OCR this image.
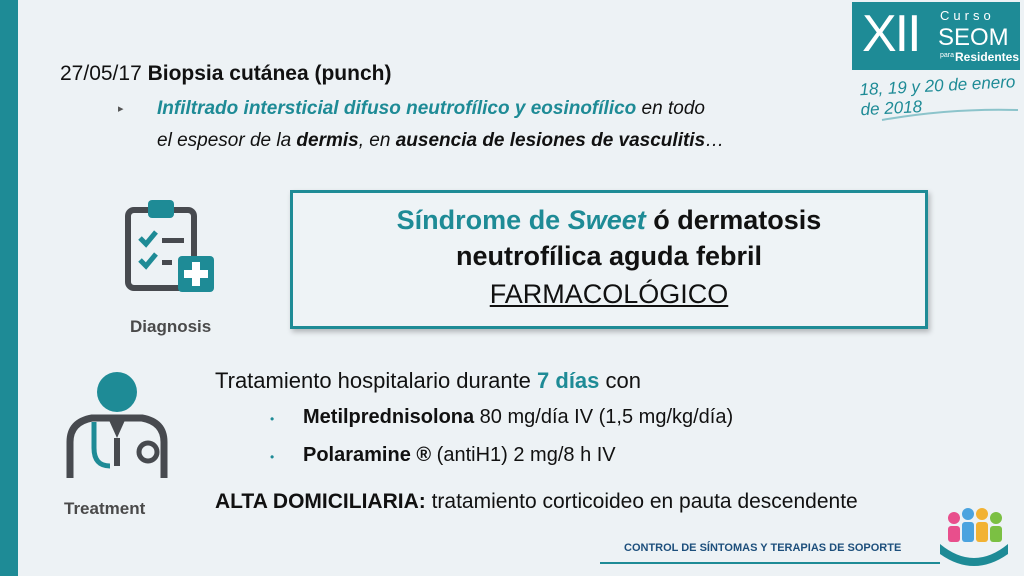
XII Curso
SEOM
para Residentes
18, 19 y 20 de enero de 2018
27/05/17 Biopsia cutánea (punch)
▸ Infiltrado intersticial difuso neutrofílico y eosinofílico en todo
el espesor de la dermis, en ausencia de lesiones de vasculitis…
Síndrome de Sweet ó dermatosis
neutrofílica aguda febril
FARMACOLÓGICO
Diagnosis
Treatment
Tratamiento hospitalario durante 7 días con
• Metilprednisolona 80 mg/día IV (1,5 mg/kg/día)
• Polaramine ® (antiH1) 2 mg/8 h IV
ALTA DOMICILIARIA: tratamiento corticoideo en pauta descendente
CONTROL DE SÍNTOMAS Y TERAPIAS DE SOPORTE
